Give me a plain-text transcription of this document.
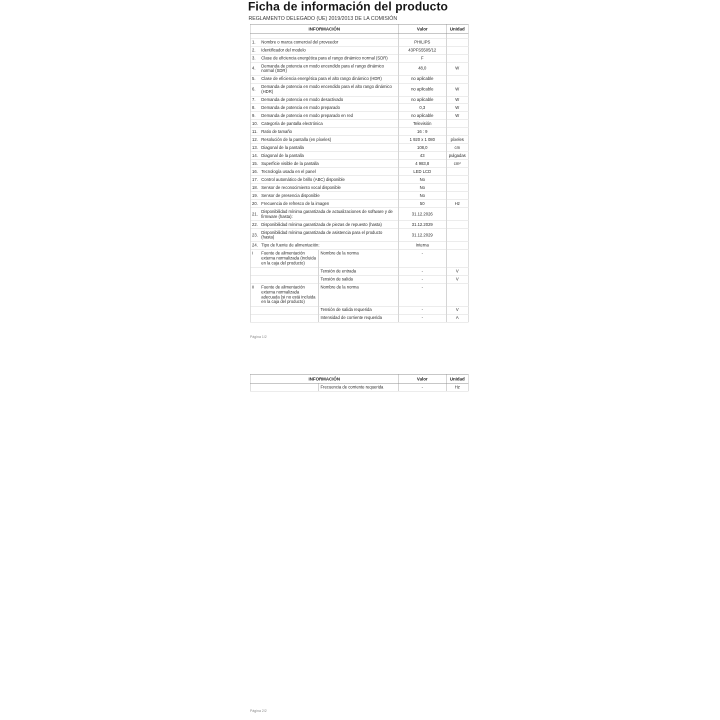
Ficha de información del producto
REGLAMENTO DELEGADO (UE) 2019/2013 DE LA COMISIÓN
INFORMACIÓN			Valor	Unidad

1.	Nombre o marca comercial del proveedor		PHILIPS	
2.	Identificador del modelo		43PFS5505/12	
3.	Clase de eficiencia energética para el rango dinámico normal (SDR)		F	
4.	Demanda de potencia en modo encendido para el rango dinámico normal (SDR)		48,0	W
5.	Clase de eficiencia energética para el alto rango dinámico (HDR)		no aplicable	
6.	Demanda de potencia en modo encendido para el alto rango dinámico (HDR)		no aplicable	W
7.	Demanda de potencia en modo desactivado		no aplicable	W
8.	Demanda de potencia en modo preparado		0,3	W
9.	Demanda de potencia en modo preparado en red		no aplicable	W
10.	Categoría de pantalla electrónica		Televisión	
11.	Ratio de tamaño		16 : 9	
12.	Resolución de la pantalla (en píxeles)		1 920 x 1 080	píxeles
13.	Diagonal de la pantalla		108,0	cm
14.	Diagonal de la pantalla		43	pulgadas
15.	Superficie visible de la pantalla		4 983,8	cm²
16.	Tecnología usada en el panel		LED LCD	
17.	Control automático de brillo (ABC) disponible		No	
18.	Sensor de reconocimiento vocal disponible		No	
19.	Sensor de presencia disponible		No	
20.	Frecuencia de refresco de la imagen		50	Hz
21.	Disponibilidad mínima garantizada de actualizaciones de software y de firmware (hasta):		31.12.2026	
22.	Disponibilidad mínima garantizada de piezas de repuesto (hasta)		31.12.2029	
23.	Disponibilidad mínima garantizada de asistencia para el producto (hasta)		31.12.2029	
24.	Tipo de fuente de alimentación:		Interna	
i	Fuente de alimentación externa normalizada (incluida en la caja del producto)	Nombre de la norma	-	
		Tensión de entrada	-	V
		Tensión de salida	-	V
ii	Fuente de alimentación externa normalizada adecuada (si no está incluida en la caja del producto)	Nombre de la norma	-	
		Tensión de salida requerida	-	V
		Intensidad de corriente requerida	-	A
Página 1/2
INFORMACIÓN			Valor	Unidad
		Frecuencia de corriente requerida	-	Hz
Página 2/2
